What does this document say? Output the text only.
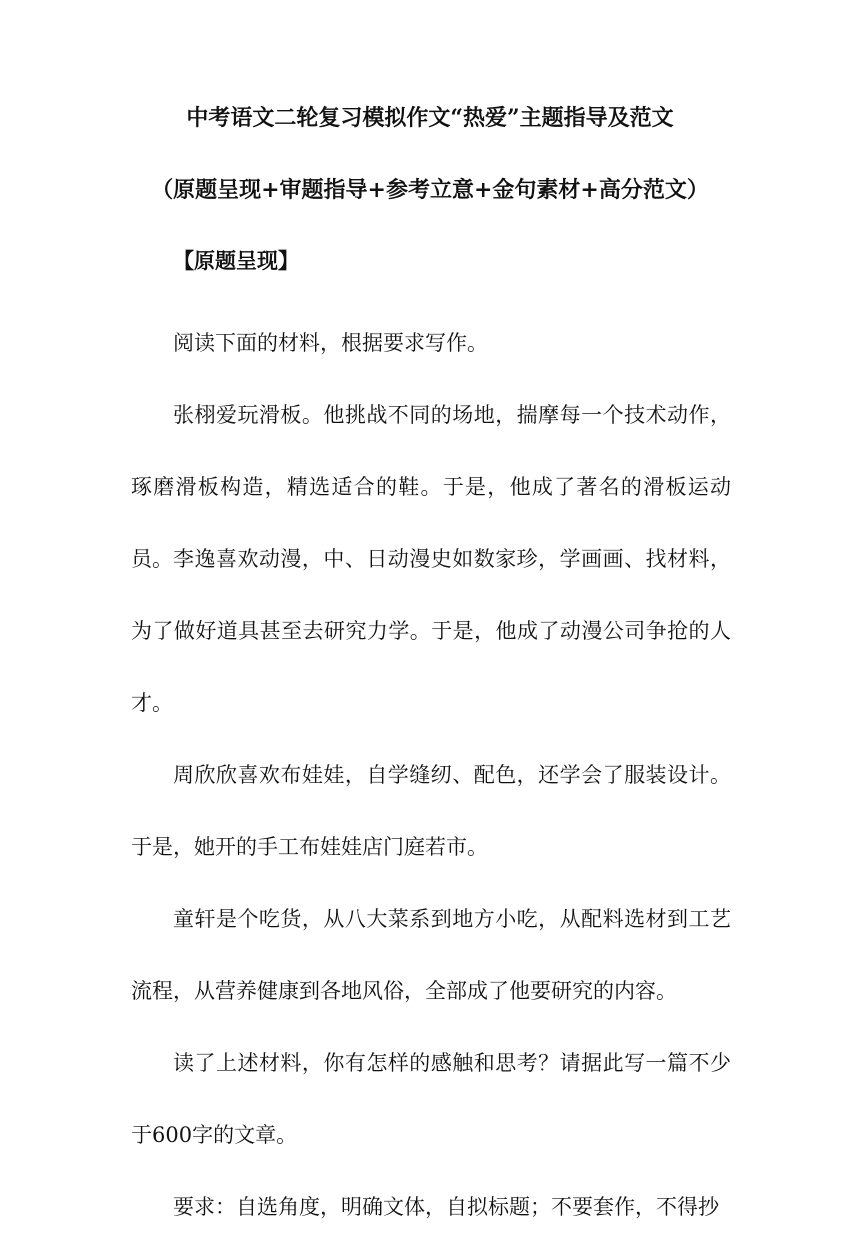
中考语文二轮复习模拟作文“热爱”主题指导及范文
（原题呈现+审题指导+参考立意+金句素材+高分范文）
【原题呈现】
阅读下面的材料，根据要求写作。
张栩爱玩滑板。他挑战不同的场地，揣摩每一个技术动作，琢磨滑板构造，精选适合的鞋。于是，他成了著名的滑板运动员。 李逸喜欢动漫，中、日动漫史如数家珍，学画画、找材料，为了做好道具甚至去研究力学。于是，他成了动漫公司争抢的人才。
周欣欣喜欢布娃娃，自学缝纫、配色，还学会了服装设计。于是，她开的手工布娃娃店门庭若市。
童轩是个吃货，从八大菜系到地方小吃，从配料选材到工艺流程，从营养健康到各地风俗，全部成了他要研究的内容。
读了上述材料，你有怎样的感触和思考？请据此写一篇不少于600字的文章。
要求：自选角度，明确文体，自拟标题；不要套作，不得抄
